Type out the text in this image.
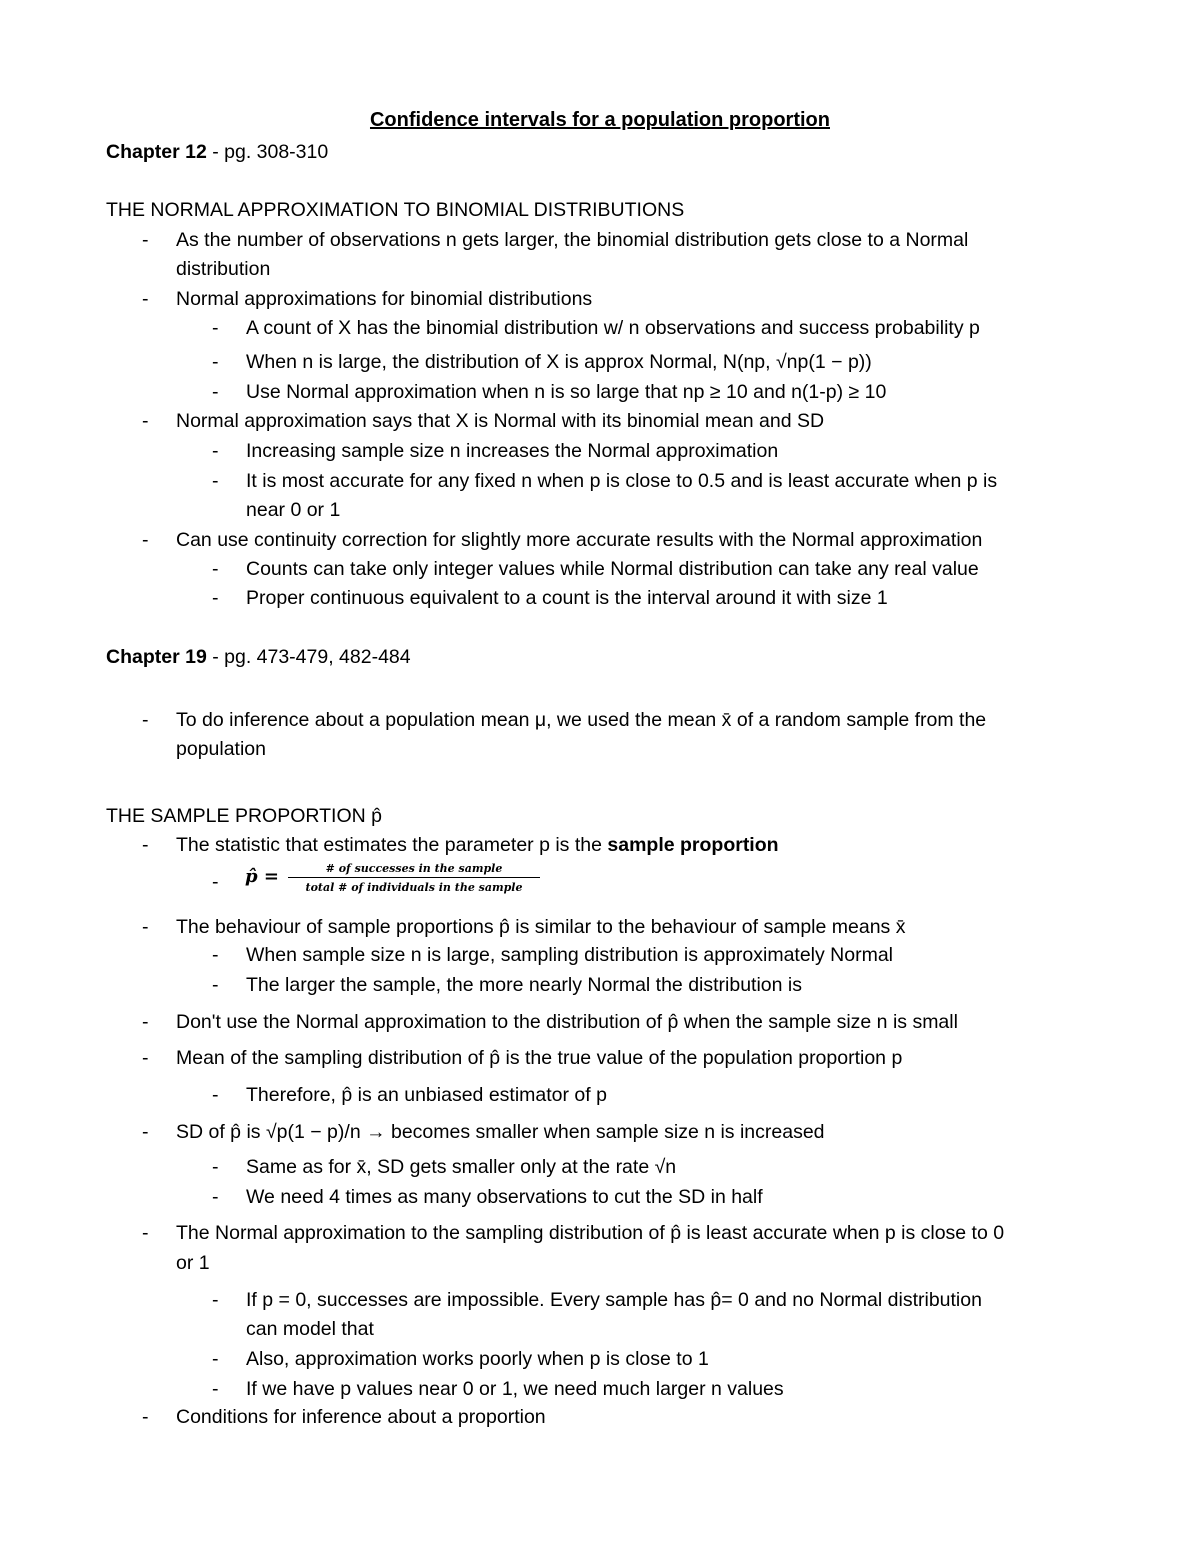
Confidence intervals for a population proportion
Chapter 12 - pg. 308-310
THE NORMAL APPROXIMATION TO BINOMIAL DISTRIBUTIONS
- As the number of observations n gets larger, the binomial distribution gets close to a Normal
distribution
- Normal approximations for binomial distributions
- A count of X has the binomial distribution w/ n observations and success probability p
- When n is large, the distribution of X is approx Normal, N(np, √np(1 − p))
- Use Normal approximation when n is so large that np ≥ 10 and n(1-p) ≥ 10
- Normal approximation says that X is Normal with its binomial mean and SD
- Increasing sample size n increases the Normal approximation
- It is most accurate for any fixed n when p is close to 0.5 and is least accurate when p is
near 0 or 1
- Can use continuity correction for slightly more accurate results with the Normal approximation
- Counts can take only integer values while Normal distribution can take any real value
- Proper continuous equivalent to a count is the interval around it with size 1
Chapter 19 - pg. 473-479, 482-484
- To do inference about a population mean μ, we used the mean x̄ of a random sample from the
population
THE SAMPLE PROPORTION p̂
- The statistic that estimates the parameter p is the sample proportion
- The behaviour of sample proportions p̂ is similar to the behaviour of sample means x̄
- When sample size n is large, sampling distribution is approximately Normal
- The larger the sample, the more nearly Normal the distribution is
- Don't use the Normal approximation to the distribution of p̂ when the sample size n is small
- Mean of the sampling distribution of p̂ is the true value of the population proportion p
- Therefore, p̂ is an unbiased estimator of p
- SD of p̂ is √p(1 − p)/n → becomes smaller when sample size n is increased
- Same as for x̄, SD gets smaller only at the rate √n
- We need 4 times as many observations to cut the SD in half
- The Normal approximation to the sampling distribution of p̂ is least accurate when p is close to 0
or 1
- If p = 0, successes are impossible. Every sample has p̂= 0 and no Normal distribution
can model that
- Also, approximation works poorly when p is close to 1
- If we have p values near 0 or 1, we need much larger n values
- Conditions for inference about a proportion
- p̂ =	# of successes in the sample
total # of individuals in the sample
